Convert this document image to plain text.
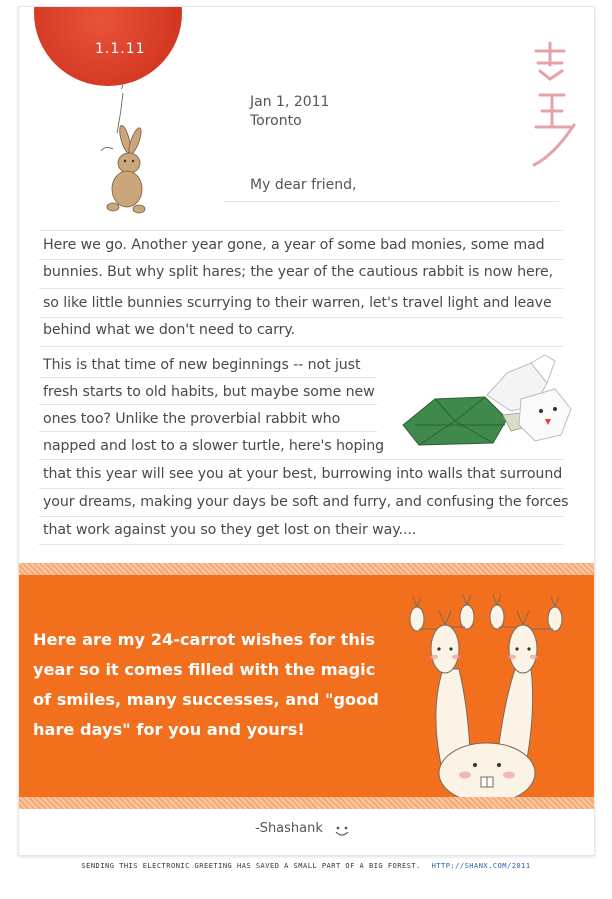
1.1.11
Jan 1, 2011
Toronto
My dear friend,
Here we go. Another year gone, a year of some bad monies, some mad
bunnies. But why split hares; the year of the cautious rabbit is now here,
so like little bunnies scurrying to their warren, let's travel light and leave
behind what we don't need to carry.
This is that time of new beginnings -- not just
fresh starts to old habits, but maybe some new
ones too? Unlike the proverbial rabbit who
napped and lost to a slower turtle, here's hoping
that this year will see you at your best, burrowing into walls that surround
your dreams, making your days be soft and furry, and confusing the forces
that work against you so they get lost on their way....
Here are my 24-carrot wishes for this
year so it comes filled with the magic
of smiles, many successes, and "good
hare days" for you and yours!
-Shashank
SENDING THIS ELECTRONIC GREETING HAS SAVED A SMALL PART OF A BIG FOREST. HTTP://SHANX.COM/2011
